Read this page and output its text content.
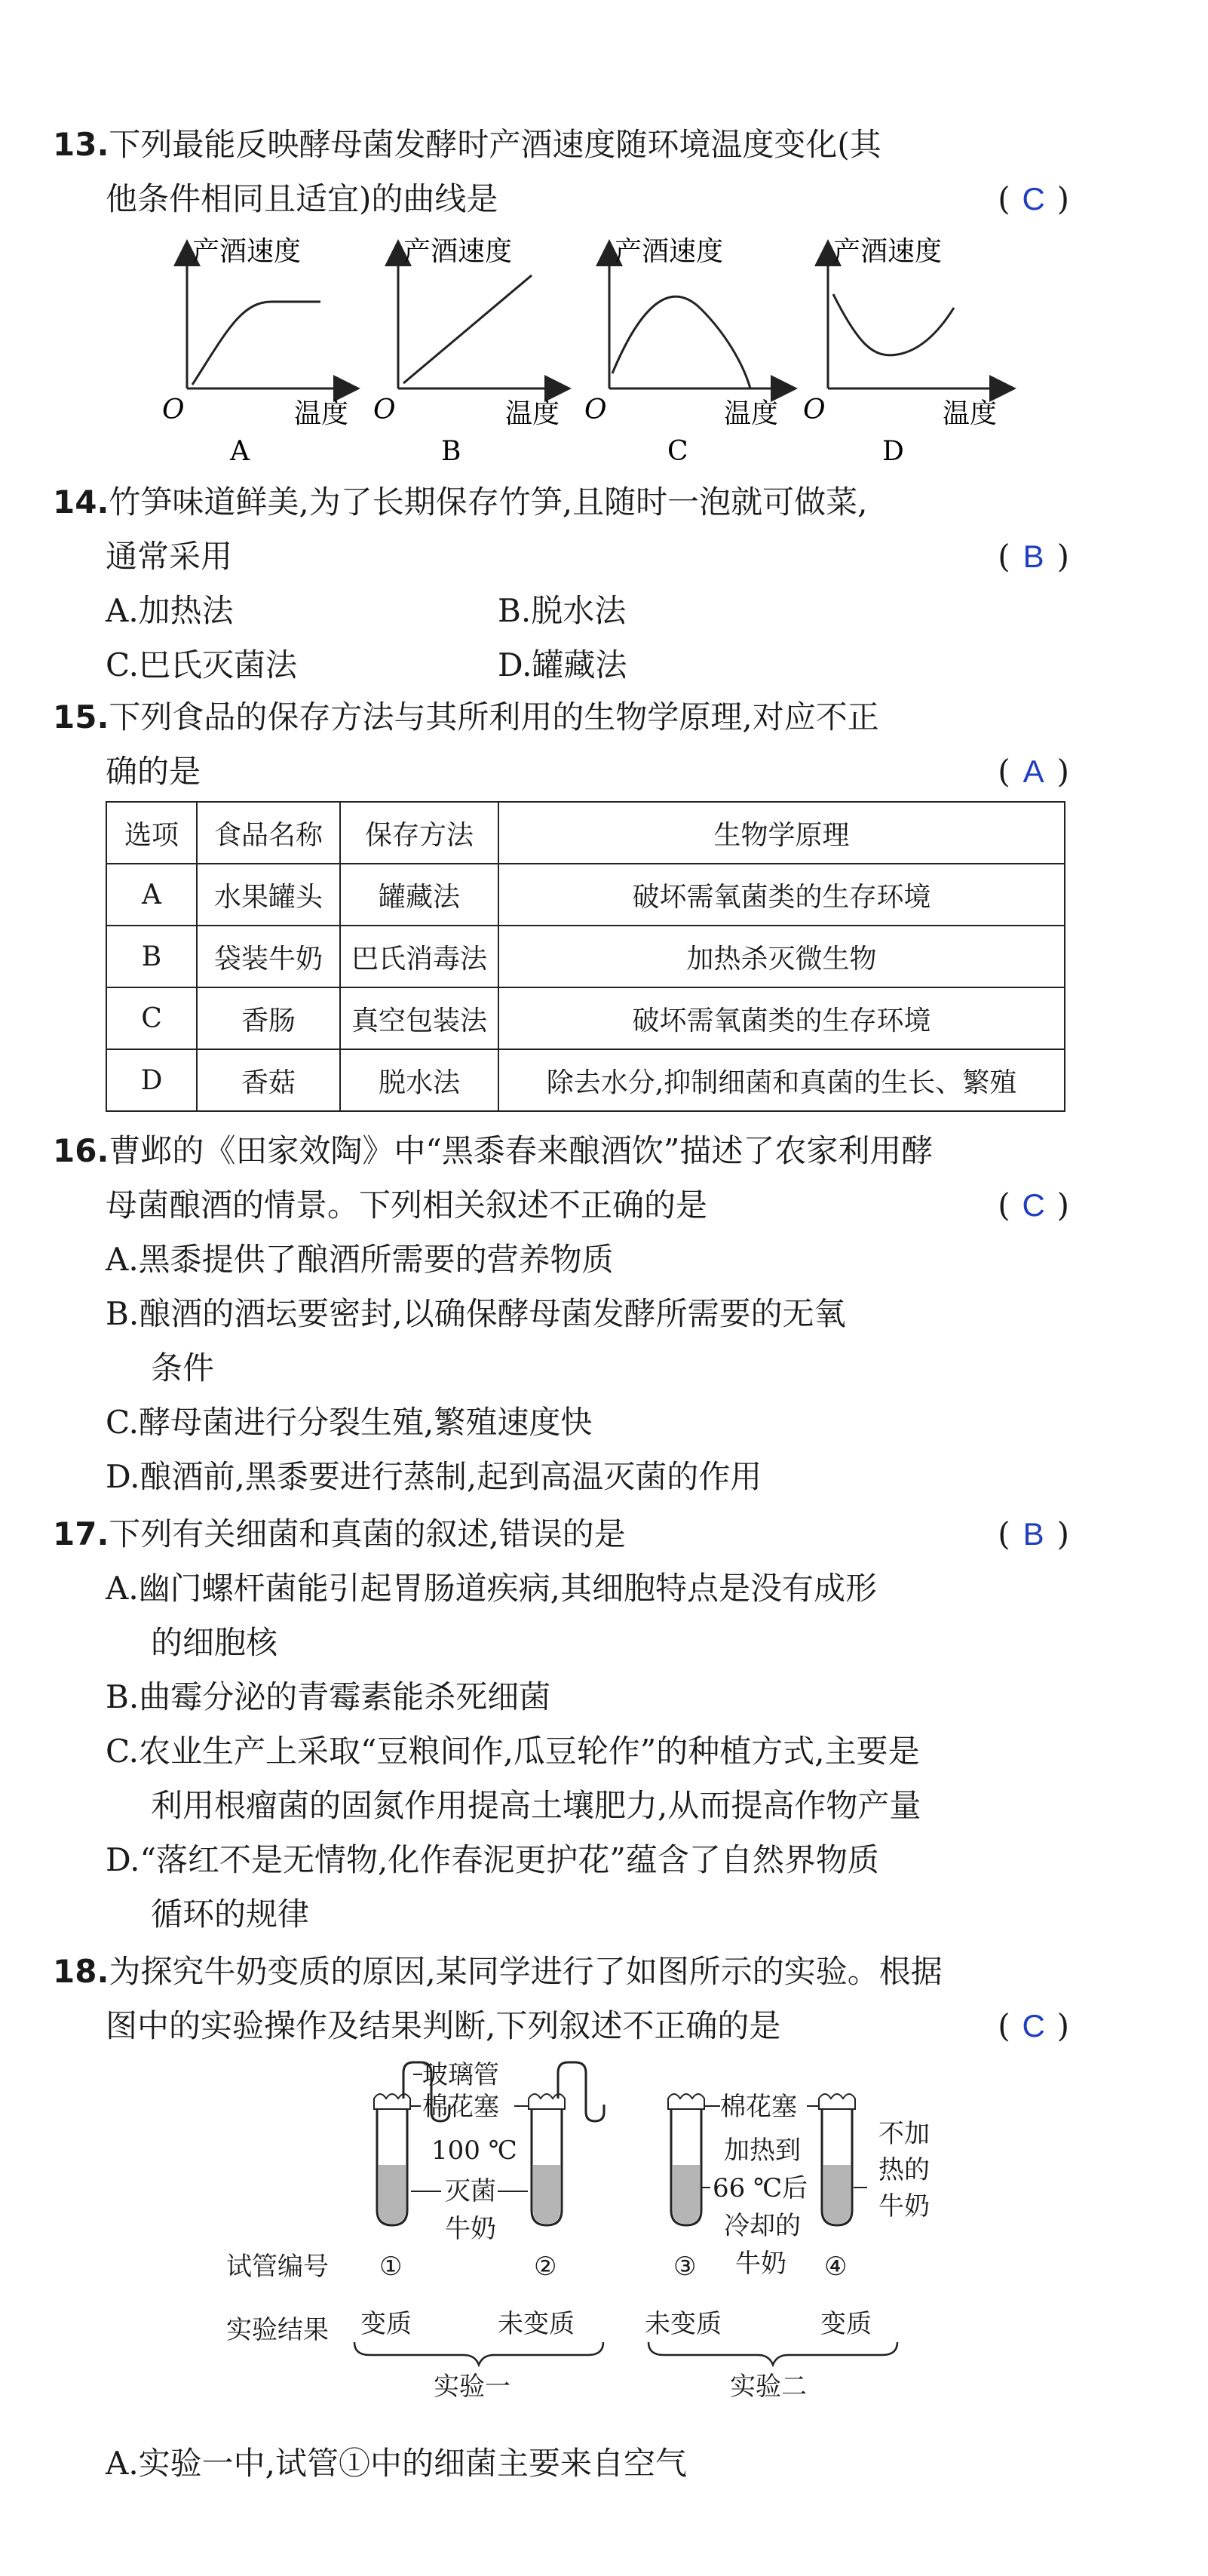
13.下列最能反映酵母菌发酵时产酒速度随环境温度变化(其
他条件相同且适宜)的曲线是	( C )
产酒速度
O	温度
A
产酒速度
O	温度
B
产酒速度
O	温度
C
产酒速度
O	温度
D
14.竹笋味道鲜美,为了长期保存竹笋,且随时一泡就可做菜,
通常采用	( B )
A.加热法	B.脱水法
C.巴氏灭菌法	D.罐藏法
15.下列食品的保存方法与其所利用的生物学原理,对应不正
确的是	( A )
选项	食品名称	保存方法	生物学原理
A	水果罐头	罐藏法	破坏需氧菌类的生存环境
B	袋装牛奶	巴氏消毒法	加热杀灭微生物
C	香肠	真空包装法	破坏需氧菌类的生存环境
D	香菇	脱水法	除去水分,抑制细菌和真菌的生长、繁殖
16.曹邺的《田家效陶》中“黑黍春来酿酒饮”描述了农家利用酵
母菌酿酒的情景。下列相关叙述不正确的是	( C )
A.黑黍提供了酿酒所需要的营养物质
B.酿酒的酒坛要密封,以确保酵母菌发酵所需要的无氧
条件
C.酵母菌进行分裂生殖,繁殖速度快
D.酿酒前,黑黍要进行蒸制,起到高温灭菌的作用
17.下列有关细菌和真菌的叙述,错误的是	( B )
A.幽门螺杆菌能引起胃肠道疾病,其细胞特点是没有成形
的细胞核
B.曲霉分泌的青霉素能杀死细菌
C.农业生产上采取“豆粮间作,瓜豆轮作”的种植方式,主要是
利用根瘤菌的固氮作用提高土壤肥力,从而提高作物产量
D.“落红不是无情物,化作春泥更护花”蕴含了自然界物质
循环的规律
18.为探究牛奶变质的原因,某同学进行了如图所示的实验。根据
图中的实验操作及结果判断,下列叙述不正确的是	( C )
玻璃管
棉花塞
100 ℃
灭菌
牛奶
棉花塞
加热到
66 ℃后
冷却的
牛奶
不加
热的
牛奶
试管编号 ①	②	③	④
实验结果 变质	未变质	未变质	变质
实验一	实验二
A.实验一中,试管①中的细菌主要来自空气
